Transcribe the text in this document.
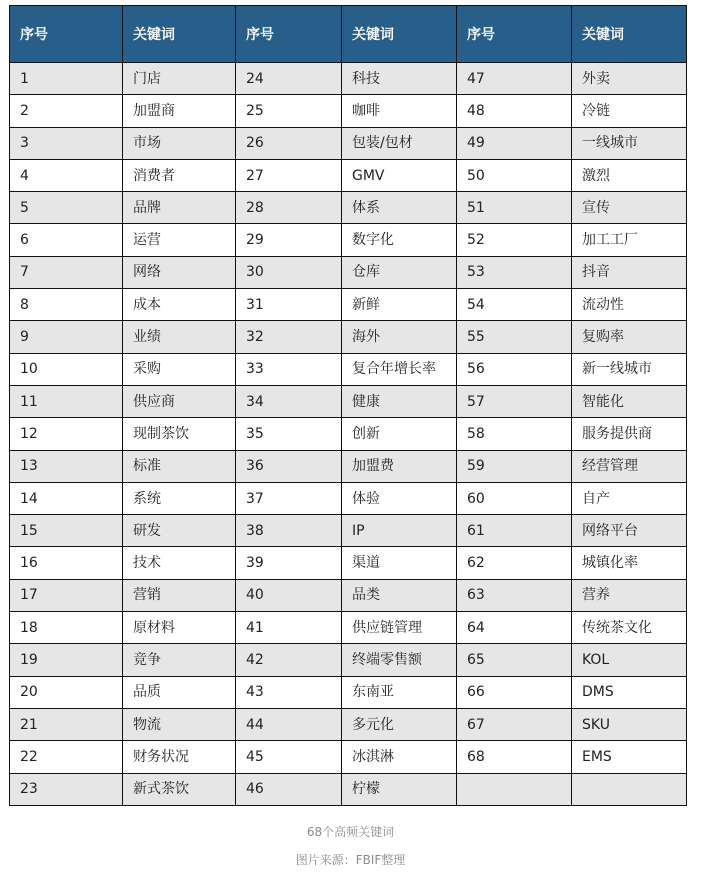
序号	关键词	序号	关键词	序号	关键词
1	门店	24	科技	47	外卖
2	加盟商	25	咖啡	48	冷链
3	市场	26	包装/包材	49	一线城市
4	消费者	27	GMV	50	激烈
5	品牌	28	体系	51	宣传
6	运营	29	数字化	52	加工工厂
7	网络	30	仓库	53	抖音
8	成本	31	新鲜	54	流动性
9	业绩	32	海外	55	复购率
10	采购	33	复合年增长率	56	新一线城市
11	供应商	34	健康	57	智能化
12	现制茶饮	35	创新	58	服务提供商
13	标准	36	加盟费	59	经营管理
14	系统	37	体验	60	自产
15	研发	38	IP	61	网络平台
16	技术	39	渠道	62	城镇化率
17	营销	40	品类	63	营养
18	原材料	41	供应链管理	64	传统茶文化
19	竞争	42	终端零售额	65	KOL
20	品质	43	东南亚	66	DMS
21	物流	44	多元化	67	SKU
22	财务状况	45	冰淇淋	68	EMS
23	新式茶饮	46	柠檬		
68个高频关键词
图片来源：FBIF整理
